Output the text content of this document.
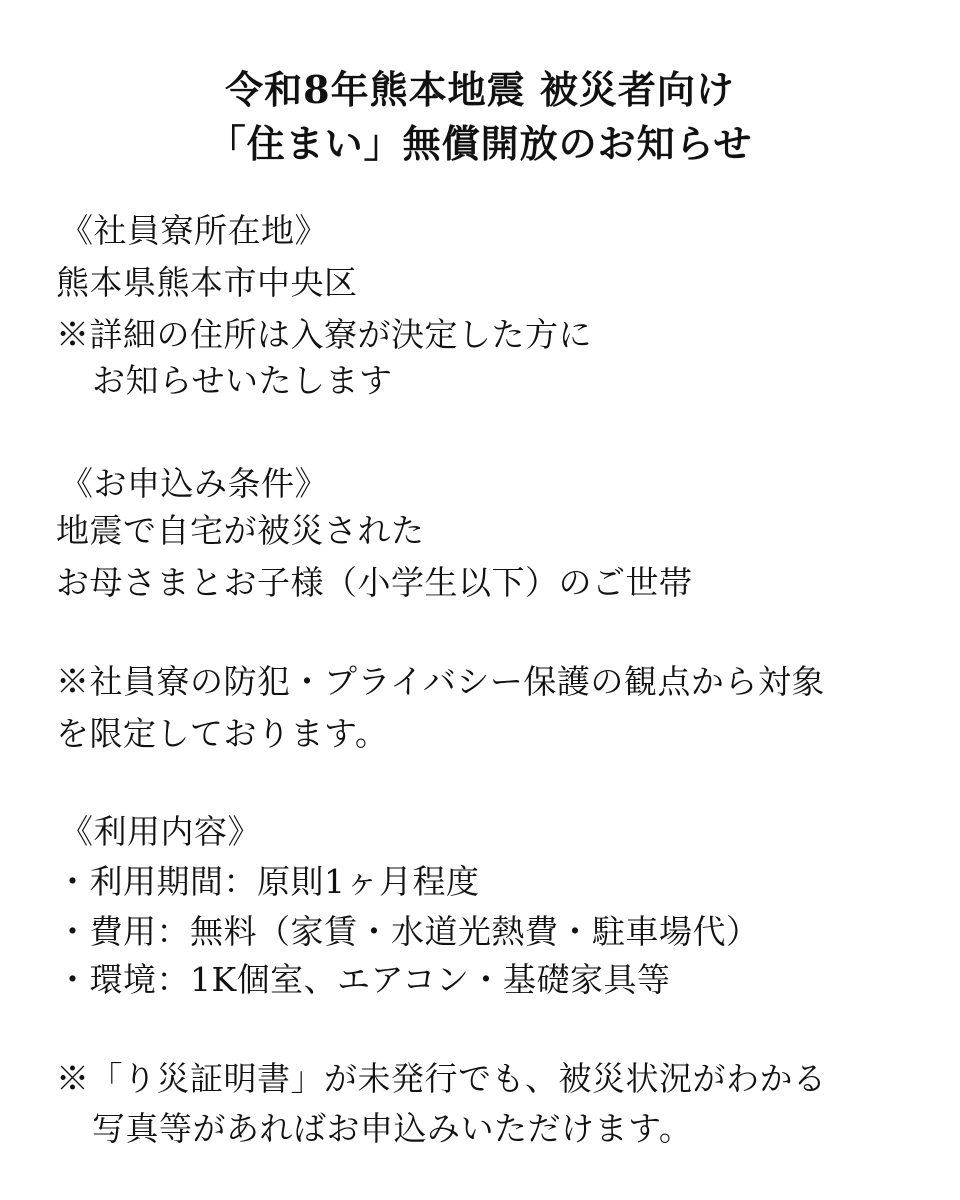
令和8年熊本地震 被災者向け
「住まい」無償開放のお知らせ
《社員寮所在地》
熊本県熊本市中央区
※詳細の住所は入寮が決定した方に
お知らせいたします
《お申込み条件》
地震で自宅が被災された
お母さまとお子様（小学生以下）のご世帯
※社員寮の防犯・プライバシー保護の観点から対象
を限定しております。
《利用内容》
・利用期間：原則1ヶ月程度
・費用：無料（家賃・水道光熱費・駐車場代）
・環境：1K個室、エアコン・基礎家具等
※「り災証明書」が未発行でも、被災状況がわかる
写真等があればお申込みいただけます。
